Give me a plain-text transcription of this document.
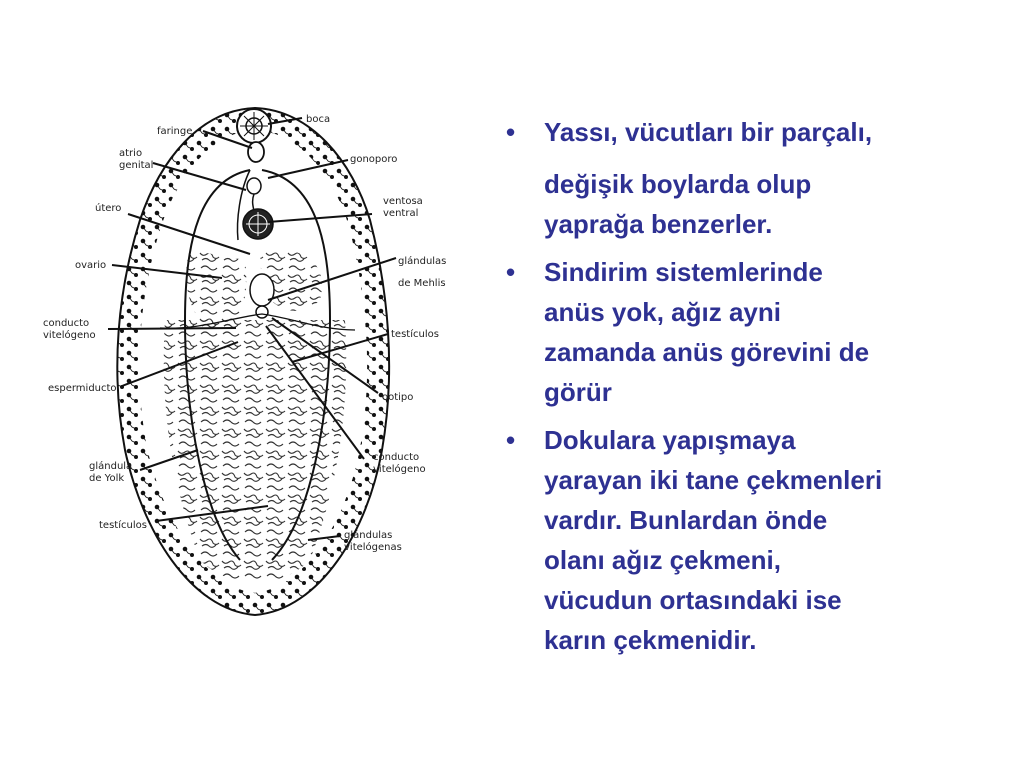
boca
faringe
atrio
genital
gonoporo
ventosa
ventral
útero
glándulas
de Mehlis
ovario
conducto
vitelógeno	testículos
espermiducto
ootipo
conducto
vitelógeno
glándula
de Yolk
testículos
glándulas
vitelógenas
• Yassı, vücutları bir parçalı,
değişik boylarda olup
yaprağa benzerler.
• Sindirim sistemlerinde
anüs yok, ağız ayni
zamanda anüs görevini de
görür
• Dokulara yapışmaya
yarayan iki tane çekmenleri
vardır. Bunlardan önde
olanı ağız çekmeni,
vücudun ortasındaki ise
karın çekmenidir.
